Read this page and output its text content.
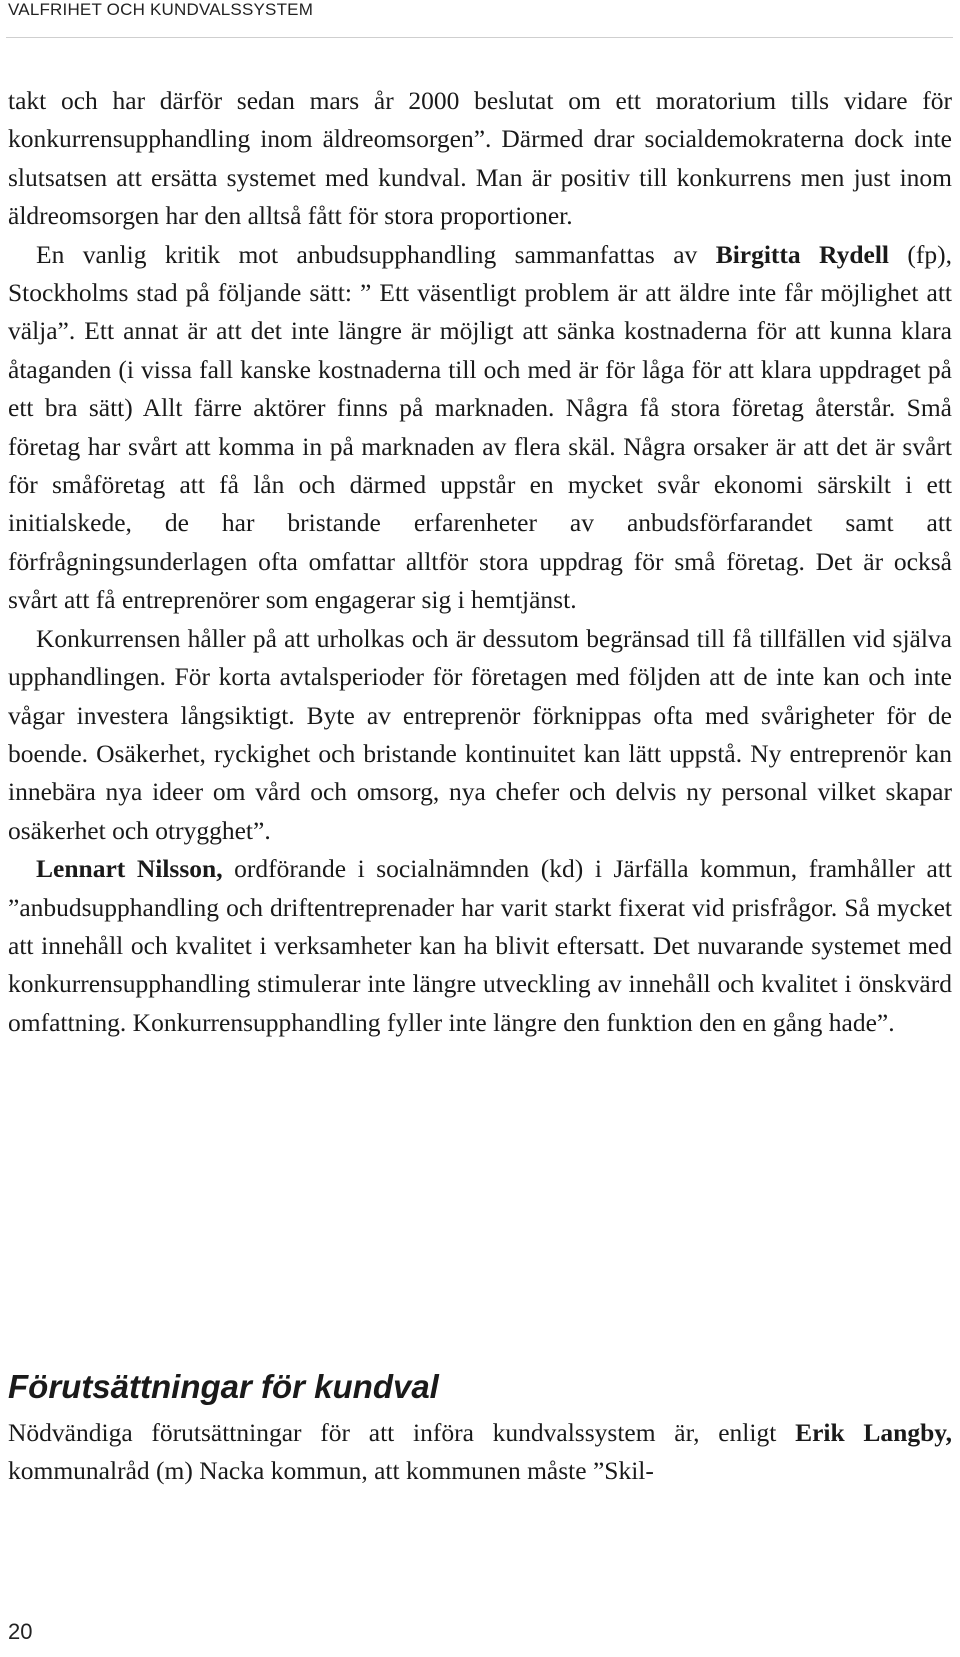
VALFRIHET OCH KUNDVALSSYSTEM

takt och har därför sedan mars år 2000 beslutat om ett moratorium tills vidare för konkurrensupphandling inom äldreomsorgen”. Därmed drar socialdemokraterna dock inte slutsatsen att ersätta systemet med kundval. Man är positiv till konkurrens men just inom äldreomsorgen har den alltså fått för stora proportioner.

En vanlig kritik mot anbudsupphandling sammanfattas av Birgitta Rydell (fp), Stockholms stad på följande sätt: ” Ett väsentligt problem är att äldre inte får möjlighet att välja”. Ett annat är att det inte längre är möjligt att sänka kostnaderna för att kunna klara åtaganden (i vissa fall kanske kostnaderna till och med är för låga för att klara uppdraget på ett bra sätt) Allt färre aktörer finns på marknaden. Några få stora företag återstår. Små företag har svårt att komma in på marknaden av flera skäl. Några orsaker är att det är svårt för småföretag att få lån och därmed uppstår en mycket svår ekonomi särskilt i ett initialskede, de har bristande erfarenheter av anbudsförfarandet samt att förfrågningsunderlagen ofta omfattar alltför stora uppdrag för små företag. Det är också svårt att få entreprenörer som engagerar sig i hemtjänst.

Konkurrensen håller på att urholkas och är dessutom begränsad till få tillfällen vid själva upphandlingen. För korta avtalsperioder för företagen med följden att de inte kan och inte vågar investera långsiktigt. Byte av entreprenör förknippas ofta med svårigheter för de boende. Osäkerhet, ryckighet och bristande kontinuitet kan lätt uppstå. Ny entreprenör kan innebära nya ideer om vård och omsorg, nya chefer och delvis ny personal vilket skapar osäkerhet och otrygghet”.

Lennart Nilsson, ordförande i socialnämnden (kd) i Järfälla kommun, framhåller att ”anbudsupphandling och driftentreprenader har varit starkt fixerat vid prisfrågor. Så mycket att innehåll och kvalitet i verksamheter kan ha blivit eftersatt. Det nuvarande systemet med konkurrensupphandling stimulerar inte längre utveckling av innehåll och kvalitet i önskvärd omfattning. Konkurrensupphandling fyller inte längre den funktion den en gång hade”.

Förutsättningar för kundval

Nödvändiga förutsättningar för att införa kundvalssystem är, enligt Erik Langby, kommunalråd (m) Nacka kommun, att kommunen måste ”Skil-

20
